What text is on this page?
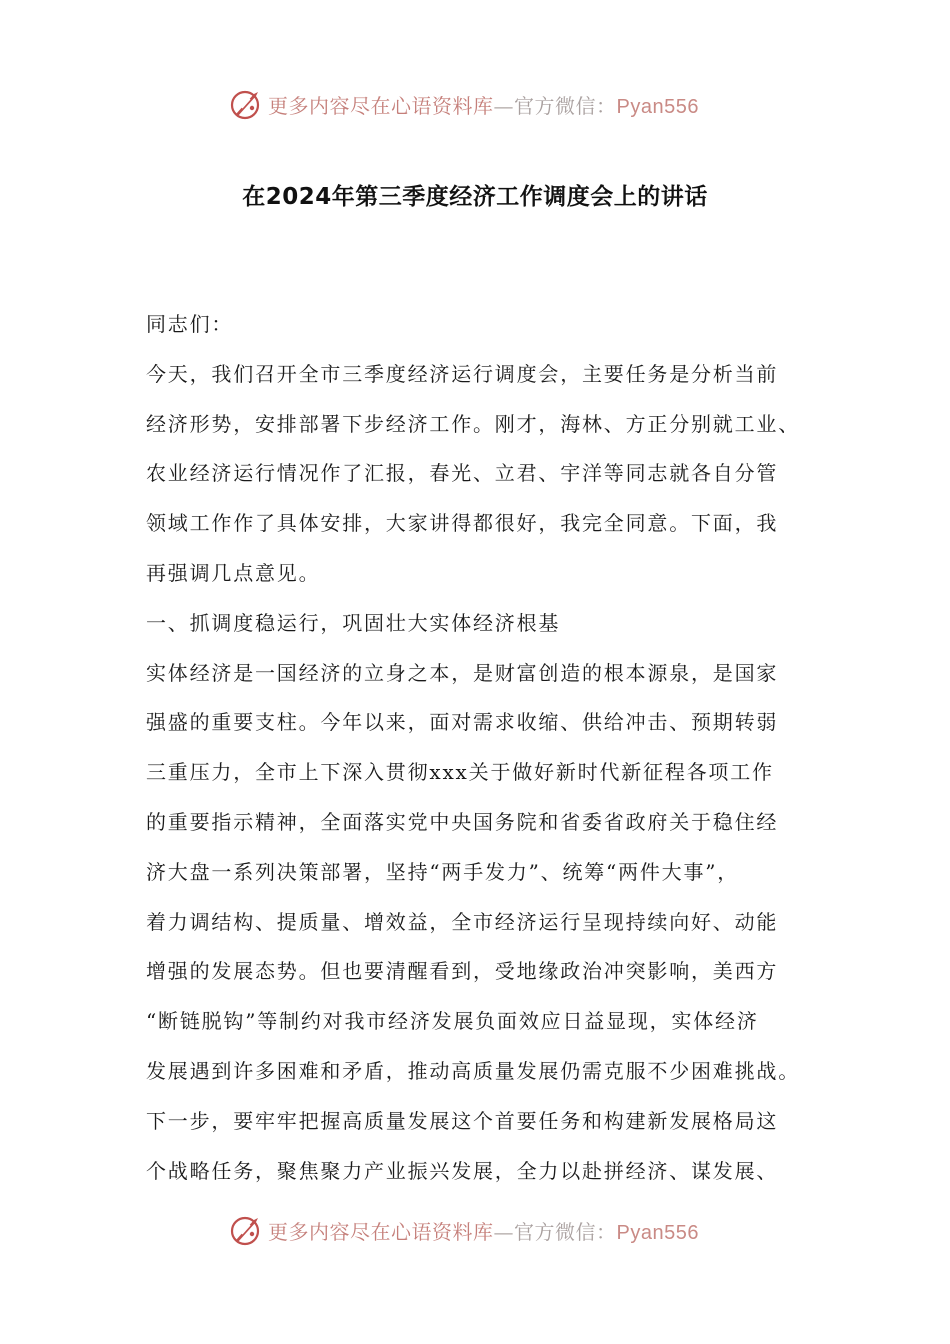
更多内容尽在心语资料库—官方微信：Pyan556
在2024年第三季度经济工作调度会上的讲话
同志们：
今天，我们召开全市三季度经济运行调度会，主要任务是分析当前
经济形势，安排部署下步经济工作。刚才，海林、方正分别就工业、
农业经济运行情况作了汇报，春光、立君、宇洋等同志就各自分管
领域工作作了具体安排，大家讲得都很好，我完全同意。下面，我
再强调几点意见。
一、抓调度稳运行，巩固壮大实体经济根基
实体经济是一国经济的立身之本，是财富创造的根本源泉，是国家
强盛的重要支柱。今年以来，面对需求收缩、供给冲击、预期转弱
三重压力，全市上下深入贯彻xxx关于做好新时代新征程各项工作
的重要指示精神，全面落实党中央国务院和省委省政府关于稳住经
济大盘一系列决策部署，坚持“两手发力”、统筹“两件大事”，
着力调结构、提质量、增效益，全市经济运行呈现持续向好、动能
增强的发展态势。但也要清醒看到，受地缘政治冲突影响，美西方
“断链脱钩”等制约对我市经济发展负面效应日益显现，实体经济
发展遇到许多困难和矛盾，推动高质量发展仍需克服不少困难挑战。
下一步，要牢牢把握高质量发展这个首要任务和构建新发展格局这
个战略任务，聚焦聚力产业振兴发展，全力以赴拼经济、谋发展、
更多内容尽在心语资料库—官方微信：Pyan556
